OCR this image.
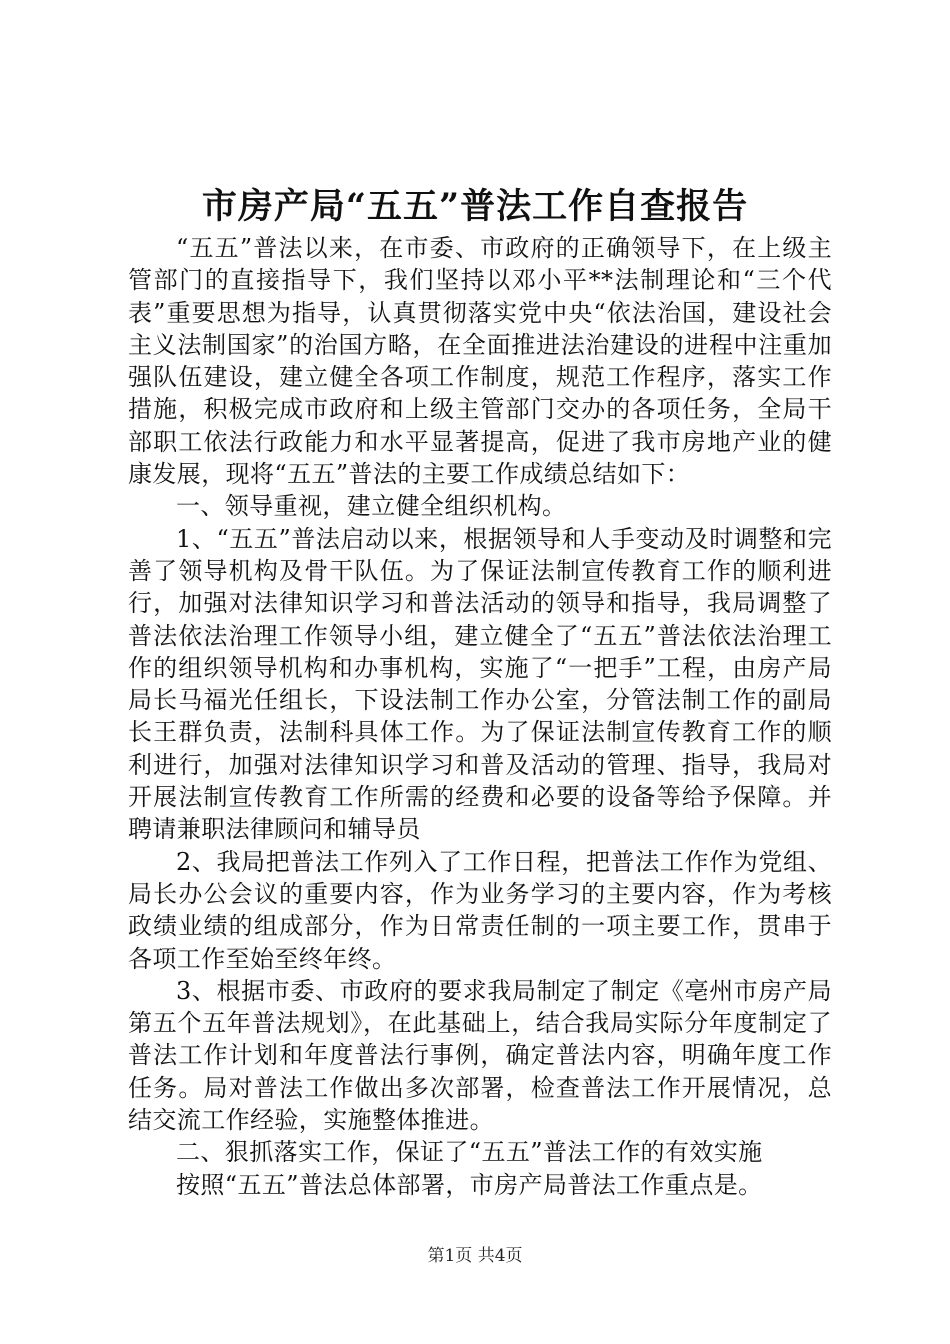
市房产局“五五”普法工作自查报告

“五五”普法以来，在市委、市政府的正确领导下，在上级主管部门的直接指导下，我们坚持以邓小平**法制理论和“三个代表”重要思想为指导，认真贯彻落实党中央“依法治国，建设社会主义法制国家”的治国方略，在全面推进法治建设的进程中注重加强队伍建设，建立健全各项工作制度，规范工作程序，落实工作措施，积极完成市政府和上级主管部门交办的各项任务，全局干部职工依法行政能力和水平显著提高，促进了我市房地产业的健康发展，现将“五五”普法的主要工作成绩总结如下：

一、领导重视，建立健全组织机构。

1、“五五”普法启动以来，根据领导和人手变动及时调整和完善了领导机构及骨干队伍。为了保证法制宣传教育工作的顺利进行，加强对法律知识学习和普法活动的领导和指导，我局调整了普法依法治理工作领导小组，建立健全了“五五”普法依法治理工作的组织领导机构和办事机构，实施了“一把手”工程，由房产局局长马福光任组长，下设法制工作办公室，分管法制工作的副局长王群负责，法制科具体工作。为了保证法制宣传教育工作的顺利进行，加强对法律知识学习和普及活动的管理、指导，我局对开展法制宣传教育工作所需的经费和必要的设备等给予保障。并聘请兼职法律顾问和辅导员

2、我局把普法工作列入了工作日程，把普法工作作为党组、局长办公会议的重要内容，作为业务学习的主要内容，作为考核政绩业绩的组成部分，作为日常责任制的一项主要工作，贯串于各项工作至始至终年终。

3、根据市委、市政府的要求我局制定了制定《亳州市房产局第五个五年普法规划》，在此基础上，结合我局实际分年度制定了普法工作计划和年度普法行事例，确定普法内容，明确年度工作任务。局对普法工作做出多次部署，检查普法工作开展情况，总结交流工作经验，实施整体推进。

二、狠抓落实工作，保证了“五五”普法工作的有效实施

按照“五五”普法总体部署，市房产局普法工作重点是。

第1页 共4页
